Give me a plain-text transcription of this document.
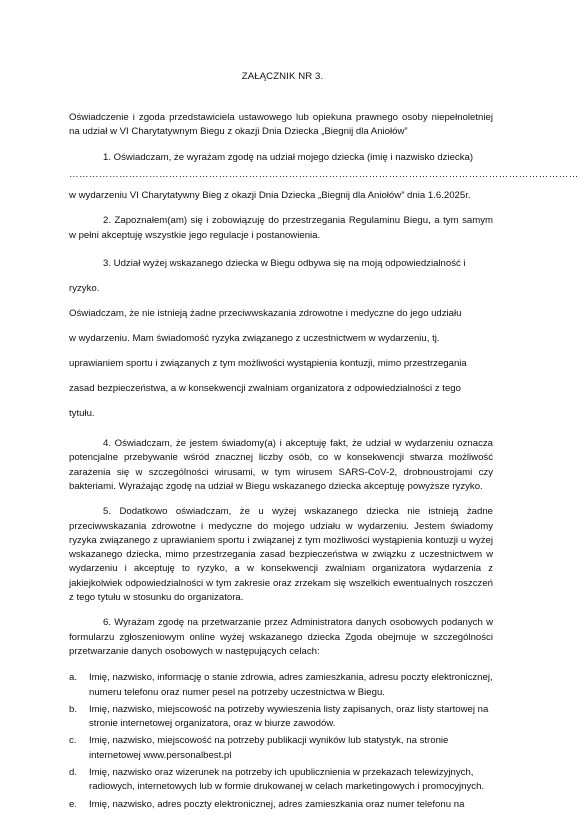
ZAŁĄCZNIK NR 3.

Oświadczenie i zgoda przedstawiciela ustawowego lub opiekuna prawnego osoby niepełnoletniej na udział w VI Charytatywnym Biegu z okazji Dnia Dziecka „Biegnij dla Aniołów”

1. Oświadczam, że wyrażam zgodę na udział mojego dziecka (imię i nazwisko dziecka)

………………………………………………………………………………………………………………………………………

w wydarzeniu VI Charytatywny Bieg z okazji Dnia Dziecka „Biegnij dla Aniołów” dnia 1.6.2025r.

2. Zapoznałem(am) się i zobowiązuję do przestrzegania Regulaminu Biegu, a tym samym w pełni akceptuję wszystkie jego regulacje i postanowienia.

3. Udział wyżej wskazanego dziecka w Biegu odbywa się na moją odpowiedzialność i ryzyko.

Oświadczam, że nie istnieją żadne przeciwwskazania zdrowotne i medyczne do jego udziału

w wydarzeniu. Mam świadomość ryzyka związanego z uczestnictwem w wydarzeniu, tj.

uprawianiem sportu i związanych z tym możliwości wystąpienia kontuzji, mimo przestrzegania

zasad bezpieczeństwa, a w konsekwencji zwalniam organizatora z odpowiedzialności z tego

tytułu.

4. Oświadczam, że jestem świadomy(a) i akceptuję fakt, że udział w wydarzeniu oznacza potencjalne przebywanie wśród znacznej liczby osób, co w konsekwencji stwarza możliwość zarażenia się w szczególności wirusami, w tym wirusem SARS-CoV-2, drobnoustrojami czy bakteriami. Wyrażając zgodę na udział w Biegu wskazanego dziecka akceptuję powyższe ryzyko.

5. Dodatkowo oświadczam, że u wyżej wskazanego dziecka nie istnieją żadne przeciwwskazania zdrowotne i medyczne do mojego udziału w wydarzeniu. Jestem świadomy ryzyka związanego z uprawianiem sportu i związanej z tym możliwości wystąpienia kontuzji u wyżej wskazanego dziecka, mimo przestrzegania zasad bezpieczeństwa w związku z uczestnictwem w wydarzeniu i akceptuję to ryzyko, a w konsekwencji zwalniam organizatora wydarzenia z jakiejkolwiek odpowiedzialności w tym zakresie oraz zrzekam się wszelkich ewentualnych roszczeń z tego tytułu w stosunku do organizatora.

6. Wyrażam zgodę na przetwarzanie przez Administratora danych osobowych podanych w formularzu zgłoszeniowym online wyżej wskazanego dziecka Zgoda obejmuje w szczególności przetwarzanie danych osobowych w następujących celach:

a. Imię, nazwisko, informację o stanie zdrowia, adres zamieszkania, adresu poczty elektronicznej, numeru telefonu oraz numer pesel na potrzeby uczestnictwa w Biegu.
b. Imię, nazwisko, miejscowość na potrzeby wywieszenia listy zapisanych, oraz listy startowej na stronie internetowej organizatora, oraz w biurze zawodów.
c. Imię, nazwisko, miejscowość na potrzeby publikacji wyników lub statystyk, na stronie internetowej www.personalbest.pl
d. Imię, nazwisko oraz wizerunek na potrzeby ich upublicznienia w przekazach telewizyjnych, radiowych, internetowych lub w formie drukowanej w celach marketingowych i promocyjnych.
e. Imię, nazwisko, adres poczty elektronicznej, adres zamieszkania oraz numer telefonu na
